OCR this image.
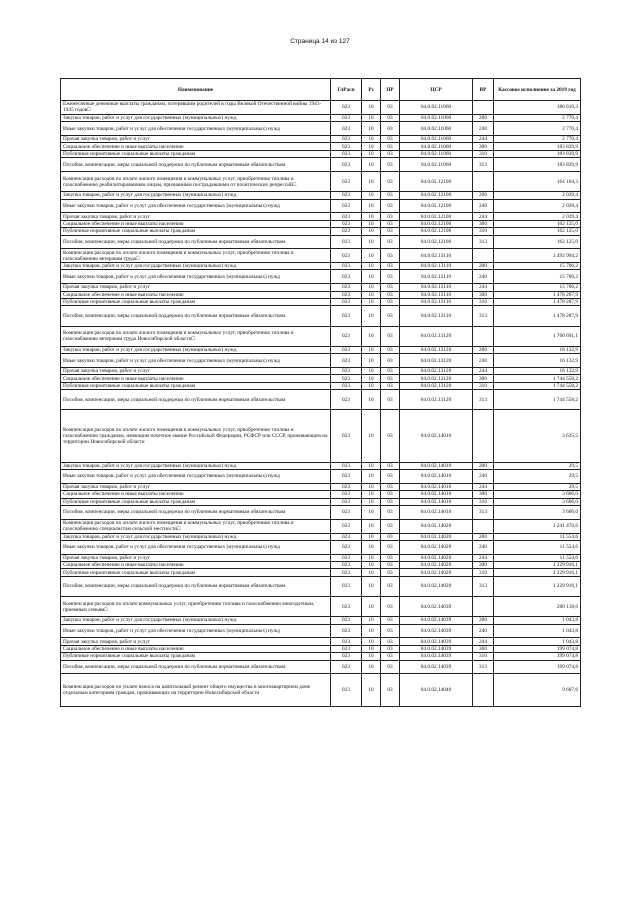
Страница 14 из 127
Наименование	ГлРасп	Рз	ПР	ЦСР	ВР	Кассовое исполнение за 2019 год
Ежемесячные денежные выплаты гражданам, потерявшим родителей в годы Великой Отечественной войны 1941-1945 годов□	023	10	03	04.0.02.11060		186 610,3
Закупка товаров, работ и услуг для государственных (муниципальных) нужд	023	10	03	04.0.02.11060	200	2 770,4
Иные закупки товаров, работ и услуг для обеспечения государственных (муниципальных) нужд	023	10	03	04.0.02.11060	240	2 770,4
Прочая закупка товаров, работ и услуг	023	10	03	04.0.02.11060	244	2 770,4
Социальное обеспечение и иные выплаты населению	023	10	03	04.0.02.11060	300	183 839,9
Публичные нормативные социальные выплаты гражданам	023	10	03	04.0.02.11060	310	183 839,9
Пособия, компенсации, меры социальной поддержки по публичным нормативным обязательствам	023	10	03	04.0.02.11060	313	183 839,9
Компенсация расходов по оплате жилого помещения и коммунальных услуг, приобретению топлива и газоснабжению реабилитированным лицам, признанным пострадавшими от политических репрессий□	023	10	03	04.0.02.12100		164 164,3
Закупка товаров, работ и услуг для государственных (муниципальных) нужд	023	10	03	04.0.02.12100	200	2 039,4
Иные закупки товаров, работ и услуг для обеспечения государственных (муниципальных) нужд	023	10	03	04.0.02.12100	240	2 039,4
Прочая закупка товаров, работ и услуг	023	10	03	04.0.02.12100	244	2 039,4
Социальное обеспечение и иные выплаты населению	023	10	03	04.0.02.12100	300	162 125,0
Публичные нормативные социальные выплаты гражданам	023	10	03	04.0.02.12100	310	162 125,0
Пособия, компенсации, меры социальной поддержки по публичным нормативным обязательствам	023	10	03	04.0.02.12100	313	162 125,0
Компенсация расходов по оплате жилого помещения и коммунальных услуг, приобретению топлива и газоснабжению ветеранам труда□	023	10	03	04.0.02.13110		1 493 994,2
Закупка товаров, работ и услуг для государственных (муниципальных) нужд	023	10	03	04.0.02.13110	200	15 706,2
Иные закупки товаров, работ и услуг для обеспечения государственных (муниципальных) нужд	023	10	03	04.0.02.13110	240	15 706,2
Прочая закупка товаров, работ и услуг	023	10	03	04.0.02.13110	244	15 706,2
Социальное обеспечение и иные выплаты населению	023	10	03	04.0.02.13110	300	1 478 287,9
Публичные нормативные социальные выплаты гражданам	023	10	03	04.0.02.13110	310	1 478 287,9
Пособия, компенсации, меры социальной поддержки по публичным нормативным обязательствам	023	10	03	04.0.02.13110	313	1 478 287,9
Компенсация расходов по оплате жилого помещения и коммунальных услуг, приобретению топлива и газоснабжению ветеранам труда Новосибирской области□	023	10	03	04.0.02.13120		1 760 691,1
Закупка товаров, работ и услуг для государственных (муниципальных) нужд	023	10	03	04.0.02.13120	200	16 132,9
Иные закупки товаров, работ и услуг для обеспечения государственных (муниципальных) нужд	023	10	03	04.0.02.13120	240	16 132,9
Прочая закупка товаров, работ и услуг	023	10	03	04.0.02.13120	244	16 132,9
Социальное обеспечение и иные выплаты населению	023	10	03	04.0.02.13120	300	1 744 558,2
Публичные нормативные социальные выплаты гражданам	023	10	03	04.0.02.13120	310	1 744 558,2
Пособия, компенсации, меры социальной поддержки по публичным нормативным обязательствам	023	10	03	04.0.02.13120	313	1 744 558,2
Компенсация расходов по оплате жилого помещения и коммунальных услуг, приобретению топлива и газоснабжению гражданам, имеющим почетное звание Российской Федерации, РСФСР или СССР, проживающим на территории Новосибирской области	023	10	03	04.0.02.14010		3 635,5
Закупка товаров, работ и услуг для государственных (муниципальных) нужд	023	10	03	04.0.02.14010	200	29,5
Иные закупки товаров, работ и услуг для обеспечения государственных (муниципальных) нужд	023	10	03	04.0.02.14010	240	29,5
Прочая закупка товаров, работ и услуг	023	10	03	04.0.02.14010	244	29,5
Социальное обеспечение и иные выплаты населению	023	10	03	04.0.02.14010	300	3 606,0
Публичные нормативные социальные выплаты гражданам	023	10	03	04.0.02.14010	310	3 606,0
Пособия, компенсации, меры социальной поддержки по публичным нормативным обязательствам	023	10	03	04.0.02.14010	313	3 606,0
Компенсация расходов по оплате жилого помещения и коммунальных услуг, приобретению топлива и газоснабжению специалистам сельской местности□	023	10	03	04.0.02.14020		1 241 470,6
Закупка товаров, работ и услуг для государственных (муниципальных) нужд	023	10	03	04.0.02.14020	200	11 554,6
Иные закупки товаров, работ и услуг для обеспечения государственных (муниципальных) нужд	023	10	03	04.0.02.14020	240	11 554,6
Прочая закупка товаров, работ и услуг	023	10	03	04.0.02.14020	244	11 554,6
Социальное обеспечение и иные выплаты населению	023	10	03	04.0.02.14020	300	1 229 916,1
Публичные нормативные социальные выплаты гражданам	023	10	03	04.0.02.14020	310	1 229 916,1
Пособия, компенсации, меры социальной поддержки по публичным нормативным обязательствам	023	10	03	04.0.02.14020	313	1 229 916,1
Компенсация расходов по оплате коммунальных услуг, приобретению топлива и газоснабжению многодетным, приемным семьям□	023	10	03	04.0.02.14039		200 118,6
Закупка товаров, работ и услуг для государственных (муниципальных) нужд	023	10	03	04.0.02.14039	200	1 043,8
Иные закупки товаров, работ и услуг для обеспечения государственных (муниципальных) нужд	023	10	03	04.0.02.14039	240	1 043,8
Прочая закупка товаров, работ и услуг	023	10	03	04.0.02.14039	244	1 043,8
Социальное обеспечение и иные выплаты населению	023	10	03	04.0.02.14039	300	199 074,8
Публичные нормативные социальные выплаты гражданам	023	10	03	04.0.02.14039	310	199 074,8
Пособия, компенсации, меры социальной поддержки по публичным нормативным обязательствам	023	10	03	04.0.02.14039	313	199 074,8
Компенсация расходов по уплате взноса на капитальный ремонт общего имущества в многоквартирном доме отдельным категориям граждан, проживающих на территории Новосибирской области	023	10	03	04.0.02.14040		9 607,6
